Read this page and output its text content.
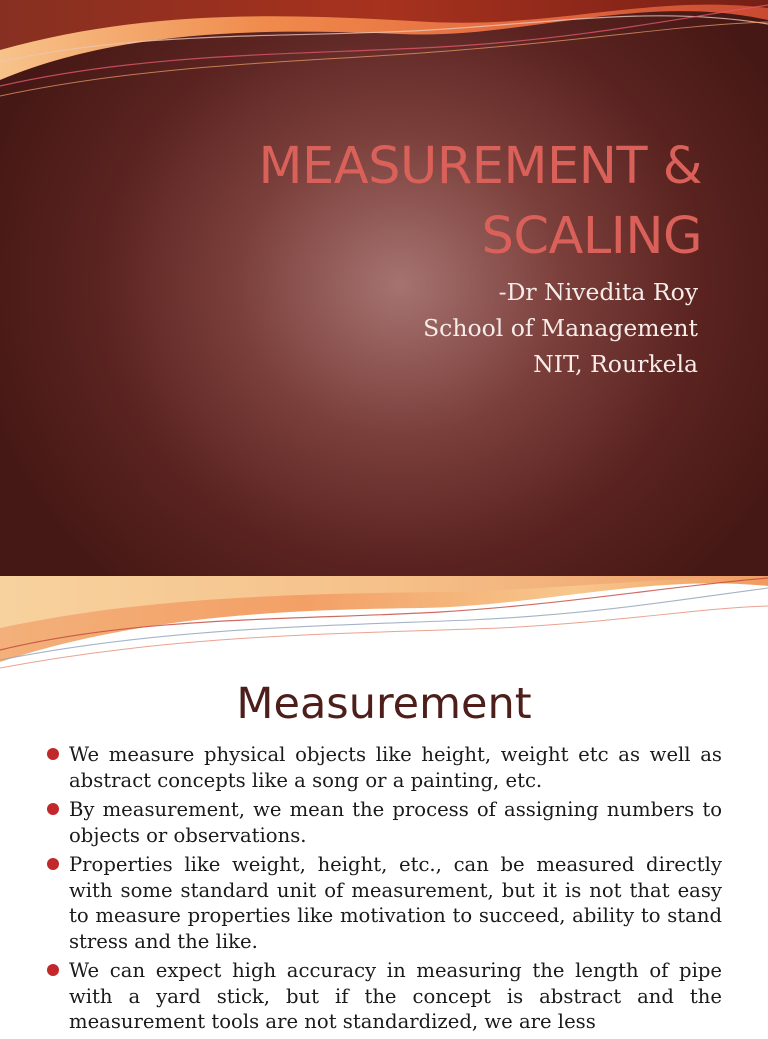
MEASUREMENT &
SCALING
-Dr Nivedita Roy
School of Management
NIT, Rourkela
Measurement
We measure physical objects like height, weight etc as well as abstract concepts like a song or a painting, etc.
By measurement, we mean the process of assigning numbers to objects or observations.
Properties like weight, height, etc., can be measured directly with some standard unit of measurement, but it is not that easy to measure properties like motivation to succeed, ability to stand stress and the like.
We can expect high accuracy in measuring the length of pipe with a yard stick, but if the concept is abstract and the measurement tools are not standardized, we are less
